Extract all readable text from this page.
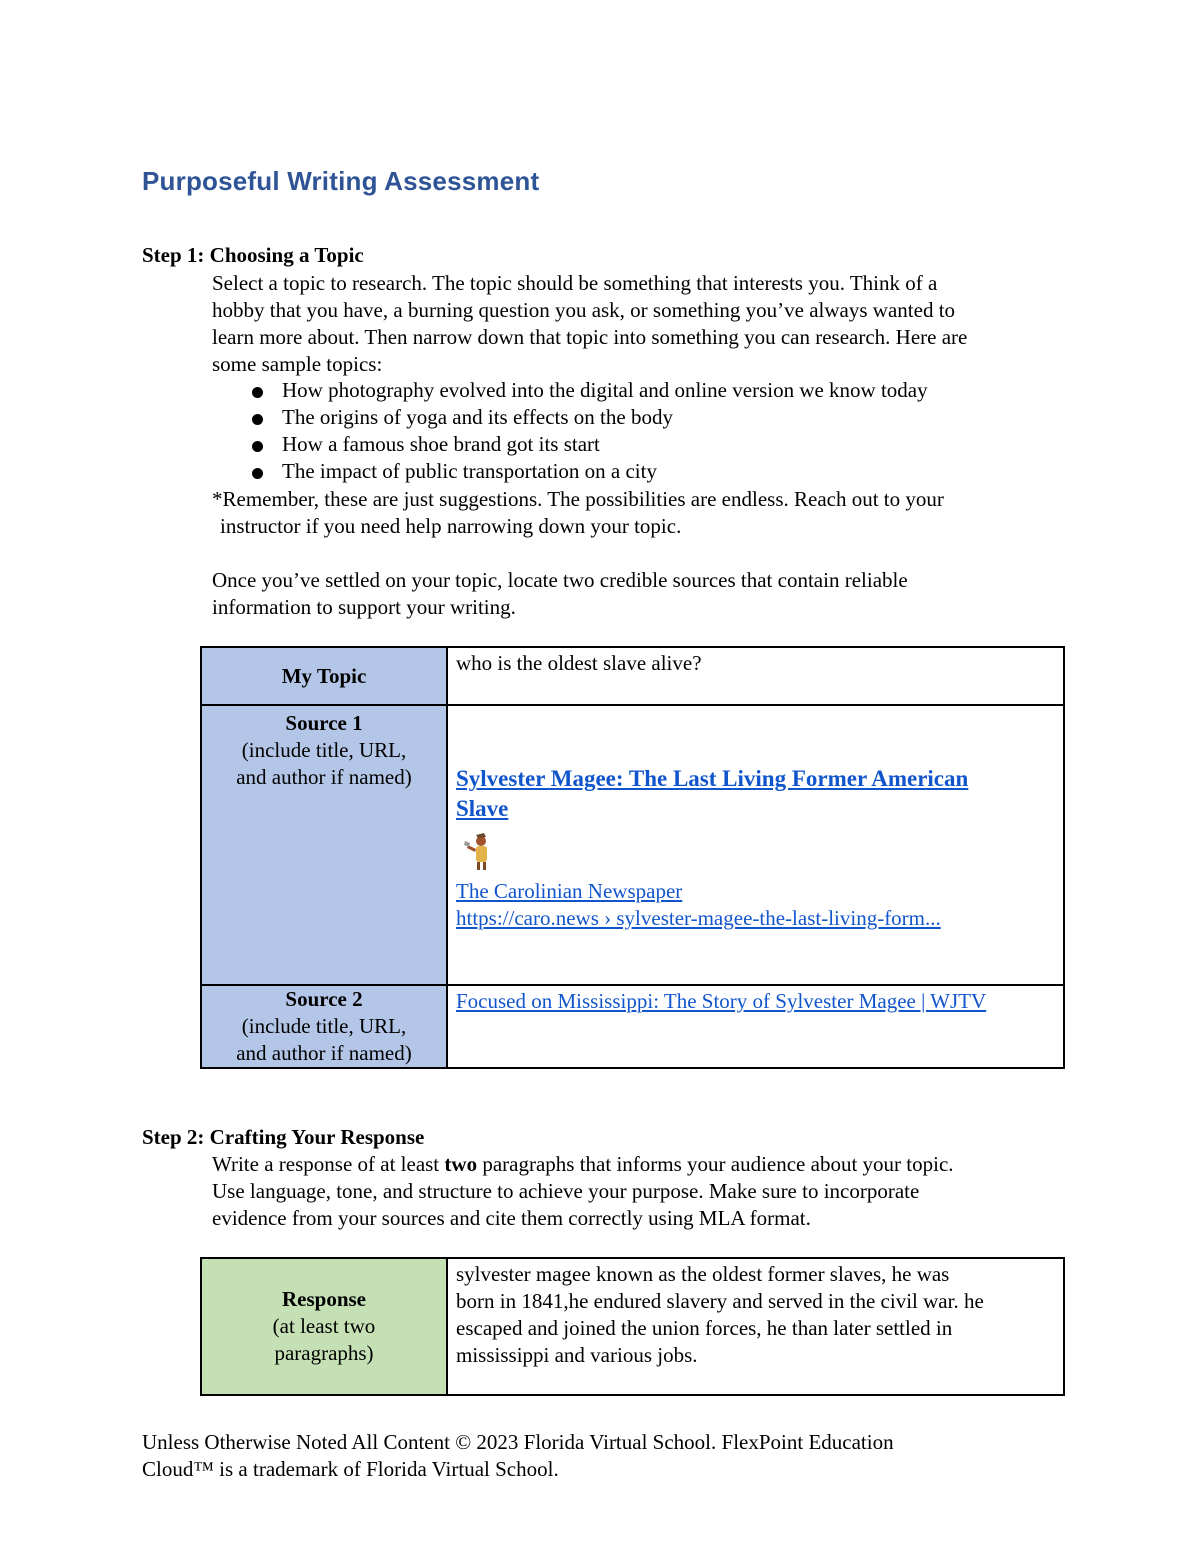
Purposeful Writing Assessment

Step 1: Choosing a Topic

Select a topic to research. The topic should be something that interests you. Think of a
hobby that you have, a burning question you ask, or something you’ve always wanted to
learn more about. Then narrow down that topic into something you can research. Here are
some sample topics:

How photography evolved into the digital and online version we know today
The origins of yoga and its effects on the body
How a famous shoe brand got its start
The impact of public transportation on a city

*Remember, these are just suggestions. The possibilities are endless. Reach out to your
instructor if you need help narrowing down your topic.

Once you’ve settled on your topic, locate two credible sources that contain reliable
information to support your writing.

My Topic	who is the oldest slave alive?
Source 1
(include title, URL,
and author if named)	Sylvester Magee: The Last Living Former American
Slave
The Carolinian Newspaper
https://caro.news › sylvester-magee-the-last-living-form...
Source 2
(include title, URL,
and author if named)	Focused on Mississippi: The Story of Sylvester Magee | WJTV

Step 2: Crafting Your Response

Write a response of at least two paragraphs that informs your audience about your topic.
Use language, tone, and structure to achieve your purpose. Make sure to incorporate
evidence from your sources and cite them correctly using MLA format.

Response
(at least two
paragraphs)	sylvester magee known as the oldest former slaves, he was
born in 1841,he endured slavery and served in the civil war. he
escaped and joined the union forces, he than later settled in
mississippi and various jobs.

Unless Otherwise Noted All Content © 2023 Florida Virtual School. FlexPoint Education
Cloud™ is a trademark of Florida Virtual School.
